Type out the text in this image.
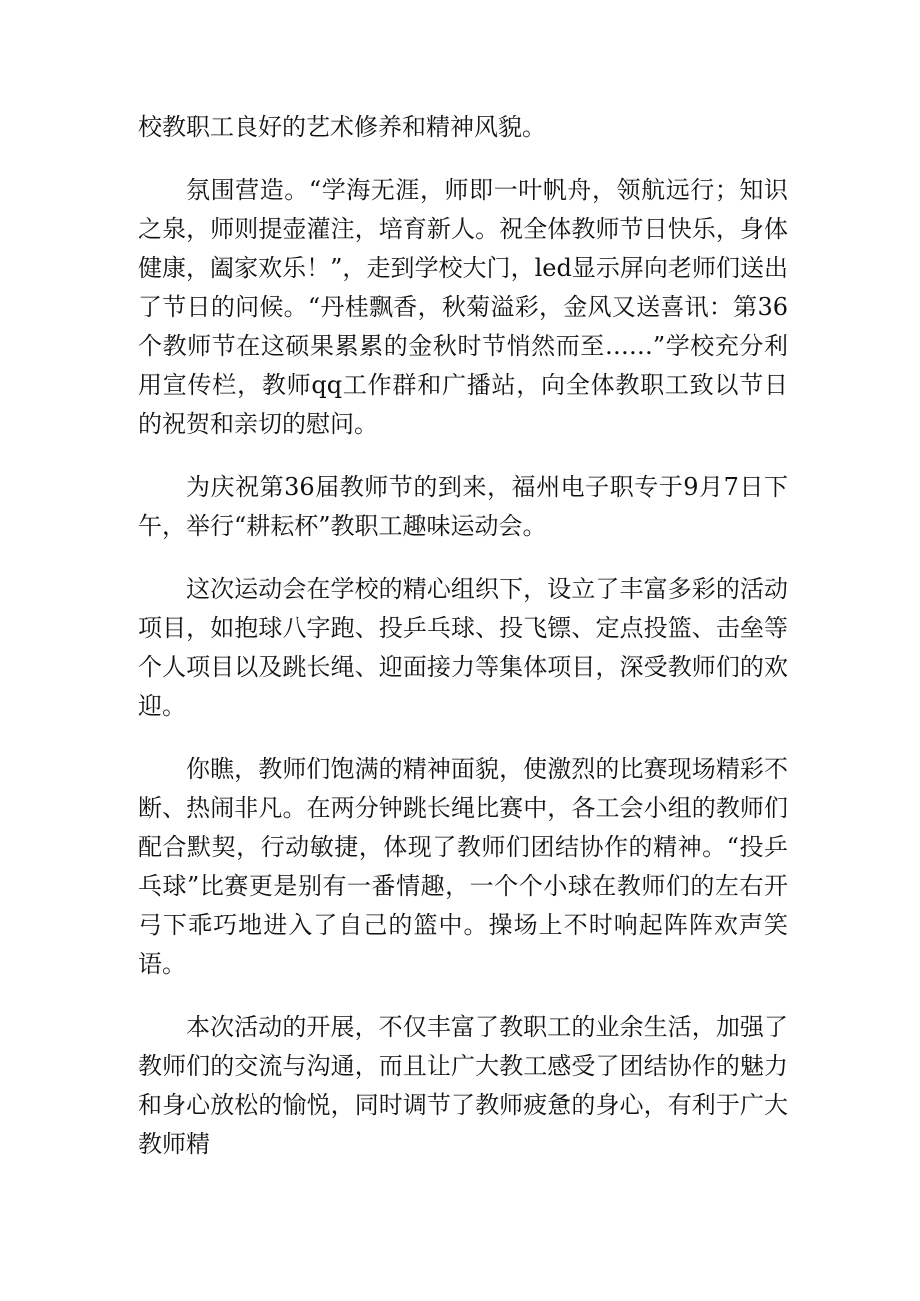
校教职工良好的艺术修养和精神风貌。

氛围营造。“学海无涯，师即一叶帆舟，领航远行；知识之泉，师则提壶灌注，培育新人。祝全体教师节日快乐，身体健康，阖家欢乐！”，走到学校大门，led显示屏向老师们送出了节日的问候。“丹桂飘香，秋菊溢彩，金风又送喜讯：第36个教师节在这硕果累累的金秋时节悄然而至……”学校充分利用宣传栏，教师qq工作群和广播站，向全体教职工致以节日的祝贺和亲切的慰问。

为庆祝第36届教师节的到来，福州电子职专于9月7日下午，举行“耕耘杯”教职工趣味运动会。

这次运动会在学校的精心组织下，设立了丰富多彩的活动项目，如抱球八字跑、投乒乓球、投飞镖、定点投篮、击垒等个人项目以及跳长绳、迎面接力等集体项目，深受教师们的欢迎。

你瞧，教师们饱满的精神面貌，使激烈的比赛现场精彩不断、热闹非凡。在两分钟跳长绳比赛中，各工会小组的教师们配合默契，行动敏捷，体现了教师们团结协作的精神。“投乒乓球”比赛更是别有一番情趣，一个个小球在教师们的左右开弓下乖巧地进入了自己的篮中。操场上不时响起阵阵欢声笑语。

本次活动的开展，不仅丰富了教职工的业余生活，加强了教师们的交流与沟通，而且让广大教工感受了团结协作的魅力和身心放松的愉悦，同时调节了教师疲惫的身心，有利于广大教师精
